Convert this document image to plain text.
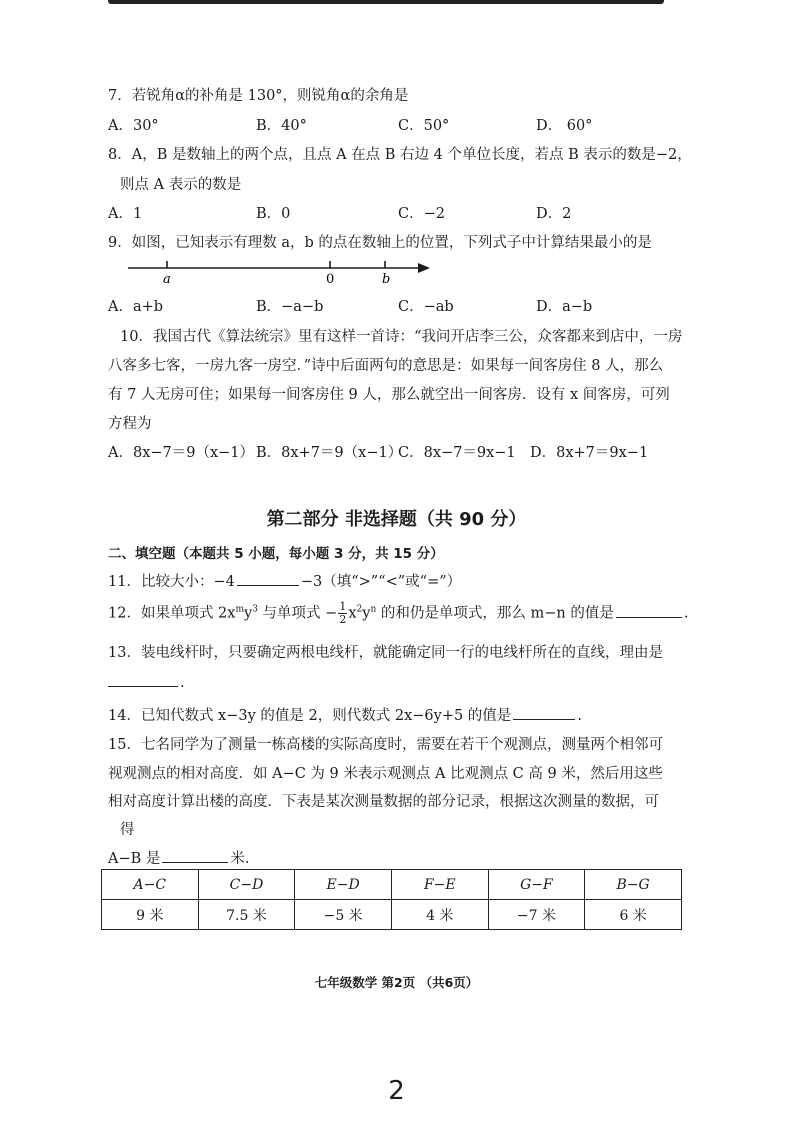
7．若锐角α的补角是 130°，则锐角α的余角是
A．30°	B．40°	C．50°	D． 60°
8．A，B 是数轴上的两个点，且点 A 在点 B 右边 4 个单位长度，若点 B 表示的数是−2，
则点 A 表示的数是
A．1	B．0	C．−2	D．2
9．如图，已知表示有理数 a，b 的点在数轴上的位置，下列式子中计算结果最小的是
a	0	b
A．a+b	B．−a−b	C．−ab	D．a−b
10．我国古代《算法统宗》里有这样一首诗：“我问开店李三公，众客都来到店中，一房
八客多七客，一房九客一房空．”诗中后面两句的意思是：如果每一间客房住 8 人，那么
有 7 人无房可住；如果每一间客房住 9 人，那么就空出一间客房．设有 x 间客房，可列
方程为
A．8x−7＝9（x−1） B．8x+7＝9（x−1）
C．8x−7＝9x−1 D．8x+7＝9x−1
第二部分 非选择题（共 90 分）
二、填空题（本题共 5 小题，每小题 3 分，共 15 分）
11．比较大小：−4	−3（填“>”“<”或“=”）
12．如果单项式 $2x^my^3$ 与单项式 − $\frac{1}{2} x^2y^n$ 的和仍是单项式，那么 m−n 的值是	.
13．装电线杆时，只要确定两根电线杆，就能确定同一行的电线杆所在的直线，理由是
.
14．已知代数式 x−3y 的值是 2，则代数式 2x−6y+5 的值是	.
15．七名同学为了测量一栋高楼的实际高度时，需要在若干个观测点，测量两个相邻可
视观测点的相对高度．如 A−C 为 9 米表示观测点 A 比观测点 C 高 9 米，然后用这些
相对高度计算出楼的高度．下表是某次测量数据的部分记录，根据这次测量的数据，可
得
A−B 是	米.
A−C	C−D	E−D	F−E	G−F	B−G
9 米	7.5 米	−5 米	4 米	−7 米	6 米
七年级数学 第2页 （共6页）
2
